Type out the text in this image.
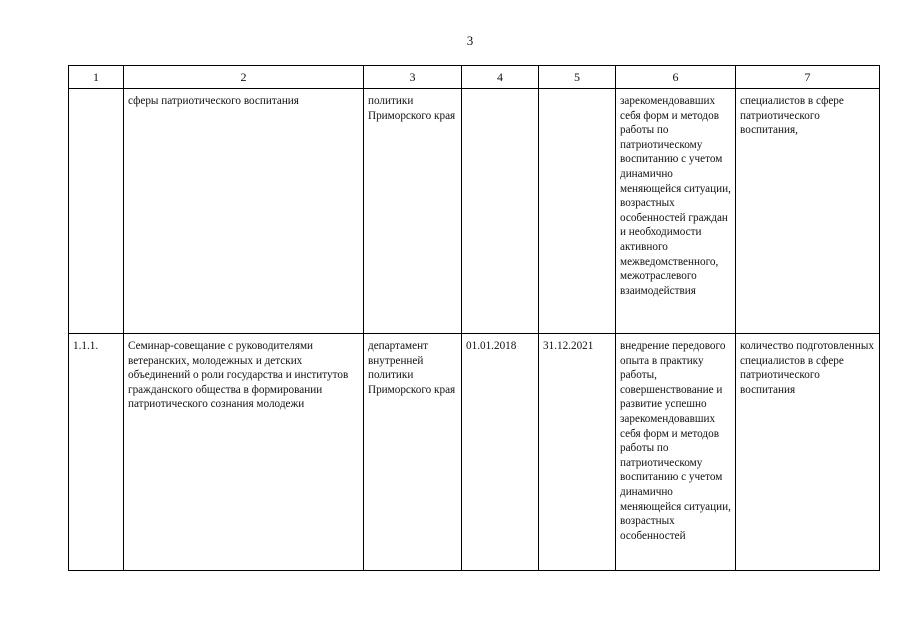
3
1	2	3	4	5	6	7
	сферы патриотического воспитания	политики Приморского края			зарекомендовавших себя форм и методов работы по патриотическому воспитанию с учетом динамично меняющейся ситуации, возрастных особенностей граждан и необходимости активного межведомственного, межотраслевого взаимодействия	специалистов в сфере патриотического воспитания,
1.1.1.	Семинар-совещание с руководителями ветеранских, молодежных и детских объединений о роли государства и институтов гражданского общества в формировании патриотического сознания молодежи	департамент внутренней политики Приморского края	01.01.2018	31.12.2021	внедрение передового опыта в практику работы, совершенствование и развитие успешно зарекомендовавших себя форм и методов работы по патриотическому воспитанию с учетом динамично меняющейся ситуации, возрастных особенностей	количество подготовленных специалистов в сфере патриотического воспитания
